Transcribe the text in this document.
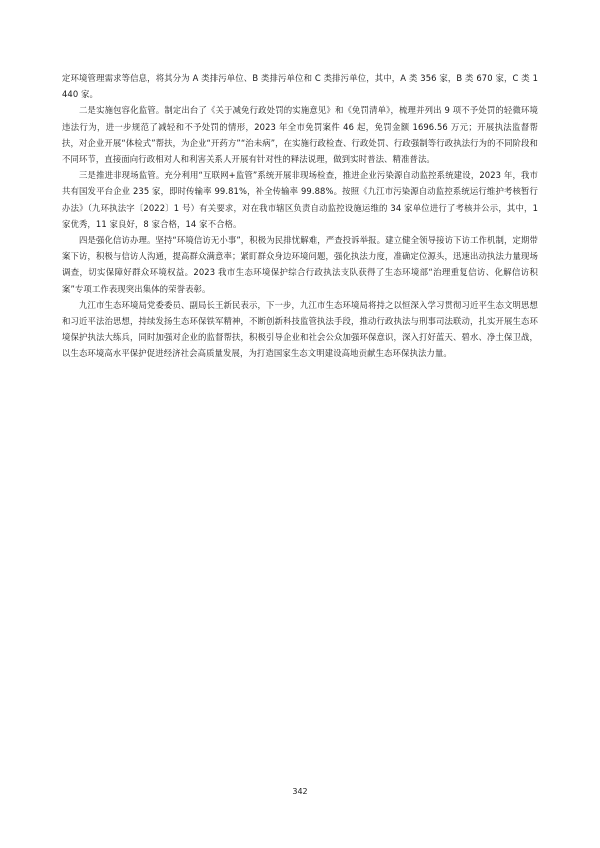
定环境管理需求等信息，将其分为 A 类排污单位、B 类排污单位和 C 类排污单位，其中，A 类 356 家，B 类 670 家，C 类 1440 家。

二是实施包容化监管。制定出台了《关于减免行政处罚的实施意见》和《免罚清单》，梳理并列出 9 项不予处罚的轻微环境违法行为，进一步规范了减轻和不予处罚的情形，2023 年全市免罚案件 46 起，免罚金额 1696.56 万元；开展执法监督帮扶，对企业开展“体检式”帮扶，为企业“开药方”“治未病”，在实施行政检查、行政处罚、行政强制等行政执法行为的不同阶段和不同环节，直接面向行政相对人和利害关系人开展有针对性的释法说理，做到实时普法、精准普法。

三是推进非现场监管。充分利用“互联网+监管”系统开展非现场检查，推进企业污染源自动监控系统建设，2023 年，我市共有国发平台企业 235 家，即时传输率 99.81%，补全传输率 99.88%。按照《九江市污染源自动监控系统运行维护考核暂行办法》（九环执法字〔2022〕1 号）有关要求，对在我市辖区负责自动监控设施运维的 34 家单位进行了考核并公示，其中，1 家优秀，11 家良好，8 家合格，14 家不合格。

四是强化信访办理。坚持“环境信访无小事”，积极为民排忧解难，严查投诉举报。建立健全领导接访下访工作机制，定期带案下访，积极与信访人沟通，提高群众满意率；紧盯群众身边环境问题，强化执法力度，准确定位源头，迅速出动执法力量现场调查，切实保障好群众环境权益。2023 我市生态环境保护综合行政执法支队获得了生态环境部“治理重复信访、化解信访积案”专项工作表现突出集体的荣誉表彰。

九江市生态环境局党委委员、副局长王新民表示，下一步，九江市生态环境局将持之以恒深入学习贯彻习近平生态文明思想和习近平法治思想，持续发扬生态环保铁军精神，不断创新科技监管执法手段，推动行政执法与刑事司法联动，扎实开展生态环境保护执法大练兵，同时加强对企业的监督帮扶，积极引导企业和社会公众加强环保意识，深入打好蓝天、碧水、净土保卫战，以生态环境高水平保护促进经济社会高质量发展，为打造国家生态文明建设高地贡献生态环保执法力量。

342
